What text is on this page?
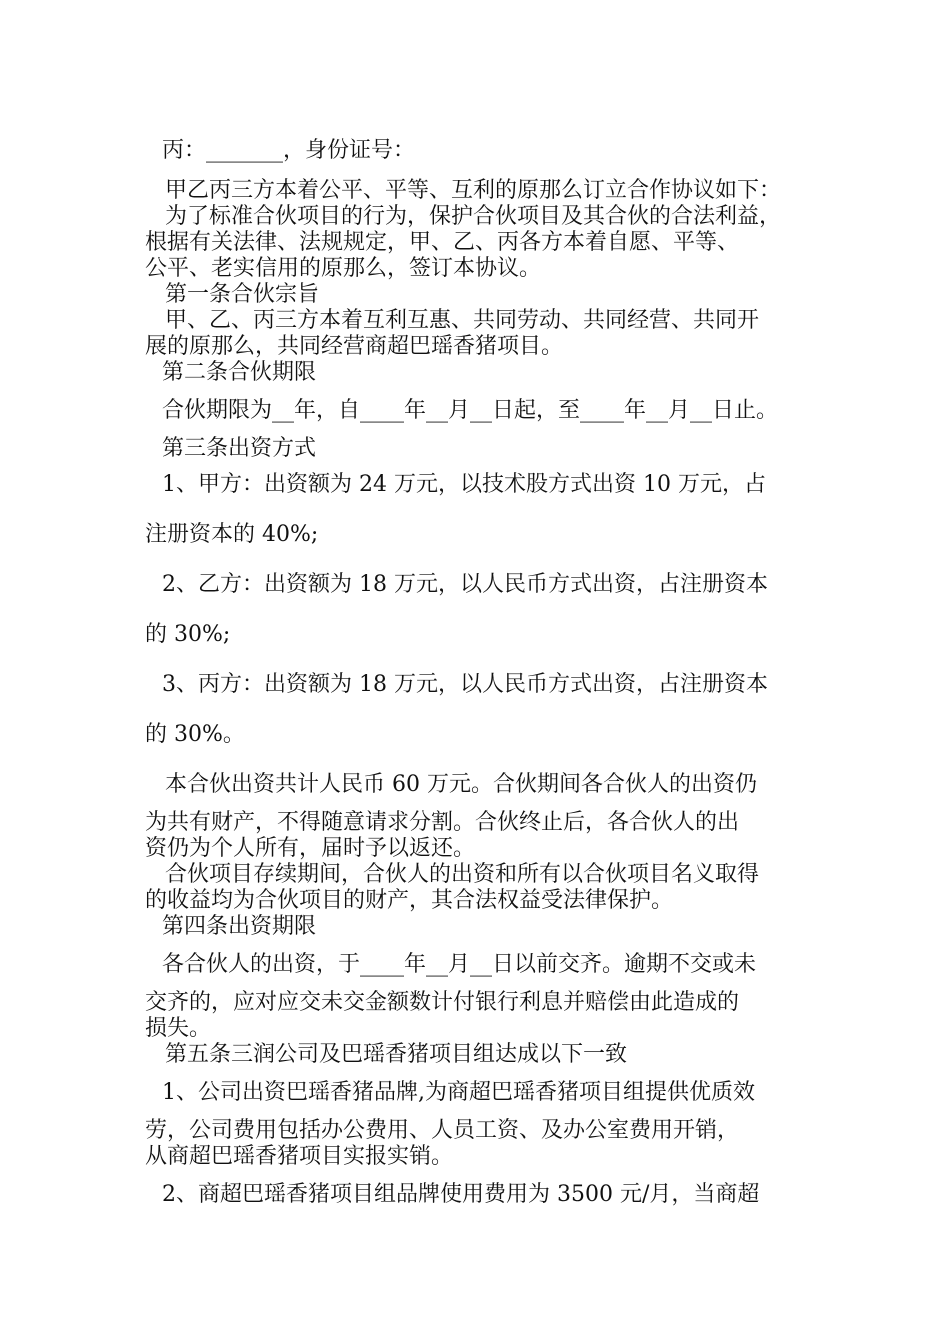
丙：_______，身份证号：
甲乙丙三方本着公平、平等、互利的原那么订立合作协议如下：
为了标准合伙项目的行为，保护合伙项目及其合伙的合法利益，
根据有关法律、法规规定，甲、乙、丙各方本着自愿、平等、
公平、老实信用的原那么，签订本协议。
第一条合伙宗旨
甲、乙、丙三方本着互利互惠、共同劳动、共同经营、共同开
展的原那么，共同经营商超巴瑶香猪项目。
第二条合伙期限
合伙期限为__年，自____年__月__日起，至____年__月__日止。
第三条出资方式
1、甲方：出资额为 24 万元，以技术股方式出资 10 万元，占
注册资本的 40%;
2、乙方：出资额为 18 万元，以人民币方式出资，占注册资本
的 30%;
3、丙方：出资额为 18 万元，以人民币方式出资，占注册资本
的 30%。
本合伙出资共计人民币 60 万元。合伙期间各合伙人的出资仍
为共有财产，不得随意请求分割。合伙终止后，各合伙人的出
资仍为个人所有，届时予以返还。
合伙项目存续期间，合伙人的出资和所有以合伙项目名义取得
的收益均为合伙项目的财产，其合法权益受法律保护。
第四条出资期限
各合伙人的出资，于____年__月__日以前交齐。逾期不交或未
交齐的，应对应交未交金额数计付银行利息并赔偿由此造成的
损失。
第五条三润公司及巴瑶香猪项目组达成以下一致
1、公司出资巴瑶香猪品牌,为商超巴瑶香猪项目组提供优质效
劳，公司费用包括办公费用、人员工资、及办公室费用开销，
从商超巴瑶香猪项目实报实销。
2、商超巴瑶香猪项目组品牌使用费用为 3500 元/月，当商超
